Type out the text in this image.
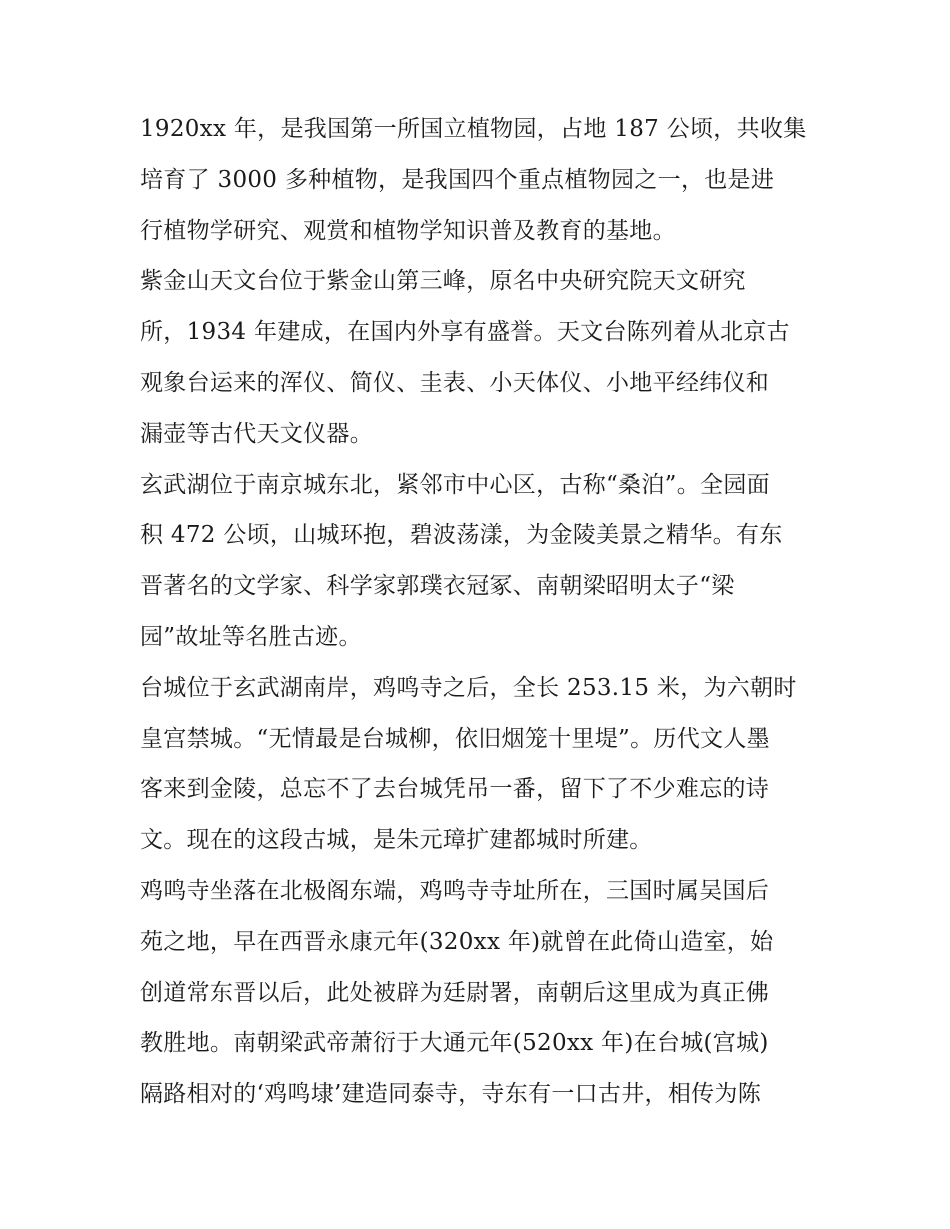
1920xx 年，是我国第一所国立植物园，占地 187 公顷，共收集
培育了 3000 多种植物，是我国四个重点植物园之一，也是进
行植物学研究、观赏和植物学知识普及教育的基地。
紫金山天文台位于紫金山第三峰，原名中央研究院天文研究
所，1934 年建成，在国内外享有盛誉。天文台陈列着从北京古
观象台运来的浑仪、简仪、圭表、小天体仪、小地平经纬仪和
漏壶等古代天文仪器。
玄武湖位于南京城东北，紧邻市中心区，古称“桑泊”。全园面
积 472 公顷，山城环抱，碧波荡漾，为金陵美景之精华。有东
晋著名的文学家、科学家郭璞衣冠冢、南朝梁昭明太子“梁
园”故址等名胜古迹。
台城位于玄武湖南岸，鸡鸣寺之后，全长 253.15 米，为六朝时
皇宫禁城。“无情最是台城柳，依旧烟笼十里堤”。历代文人墨
客来到金陵，总忘不了去台城凭吊一番，留下了不少难忘的诗
文。现在的这段古城，是朱元璋扩建都城时所建。
鸡鸣寺坐落在北极阁东端，鸡鸣寺寺址所在，三国时属吴国后
苑之地，早在西晋永康元年(320xx 年)就曾在此倚山造室，始
创道常东晋以后，此处被辟为廷尉署，南朝后这里成为真正佛
教胜地。南朝梁武帝萧衍于大通元年(520xx 年)在台城(宫城)
隔路相对的‘鸡鸣埭’建造同泰寺，寺东有一口古井，相传为陈
